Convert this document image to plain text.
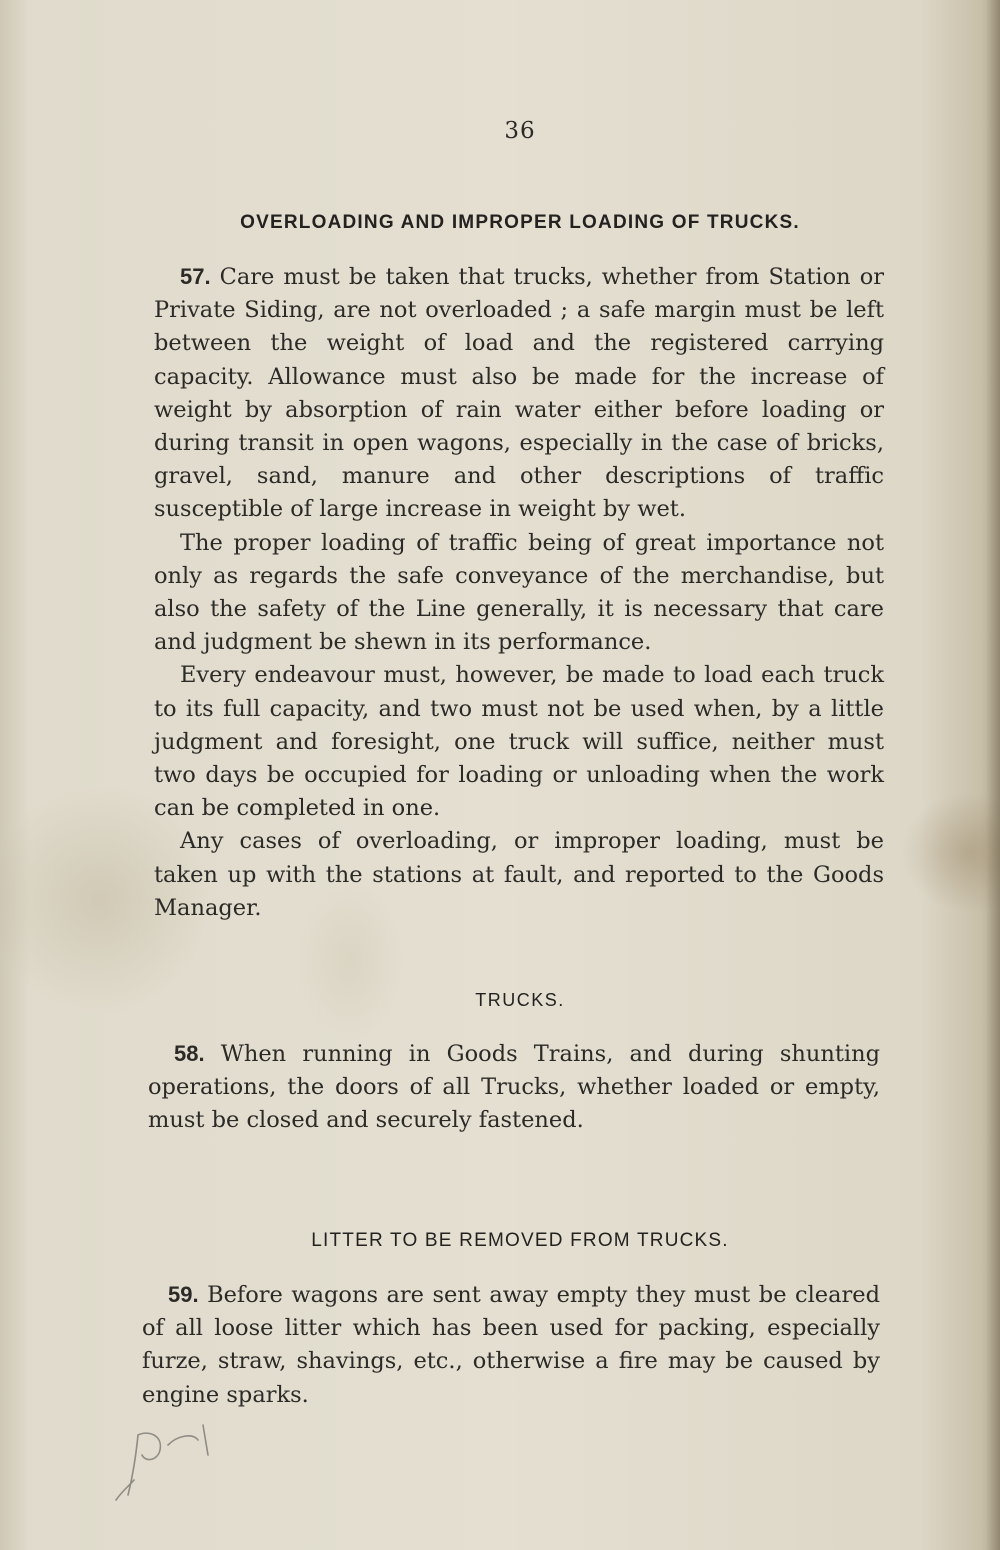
36
OVERLOADING AND IMPROPER LOADING OF TRUCKS.

57. Care must be taken that trucks, whether from Station or Private Siding, are not overloaded ; a safe margin must be left between the weight of load and the registered carrying capacity. Allowance must also be made for the increase of weight by absorption of rain water either before loading or during transit in open wagons, especially in the case of bricks, gravel, sand, manure and other descriptions of traffic susceptible of large increase in weight by wet.

The proper loading of traffic being of great importance not only as regards the safe conveyance of the merchandise, but also the safety of the Line generally, it is necessary that care and judgment be shewn in its performance.

Every endeavour must, however, be made to load each truck to its full capacity, and two must not be used when, by a little judgment and foresight, one truck will suffice, neither must two days be occupied for loading or unloading when the work can be completed in one.

Any cases of overloading, or improper loading, must be taken up with the stations at fault, and reported to the Goods Manager.

TRUCKS.

58. When running in Goods Trains, and during shunting operations, the doors of all Trucks, whether loaded or empty, must be closed and securely fastened.

LITTER TO BE REMOVED FROM TRUCKS.

59. Before wagons are sent away empty they must be cleared of all loose litter which has been used for packing, especially furze, straw, shavings, etc., otherwise a fire may be caused by engine sparks.
